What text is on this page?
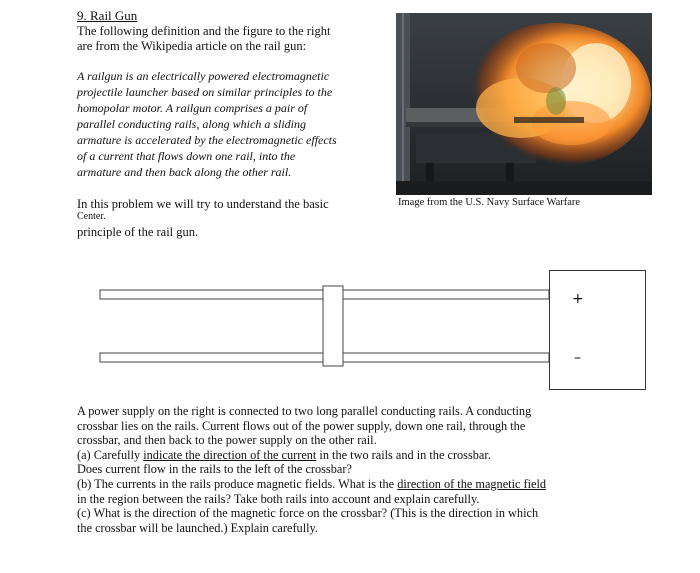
9. Rail Gun
The following definition and the figure to the right
are from the Wikipedia article on the rail gun:
A railgun is an electrically powered electromagnetic
projectile launcher based on similar principles to the
homopolar motor. A railgun comprises a pair of
parallel conducting rails, along which a sliding
armature is accelerated by the electromagnetic effects
of a current that flows down one rail, into the
armature and then back along the other rail.
In this problem we will try to understand the basic
Center.
principle of the rail gun.
Image from the U.S. Navy Surface Warfare
+
–
A power supply on the right is connected to two long parallel conducting rails. A conducting
crossbar lies on the rails. Current flows out of the power supply, down one rail, through the
crossbar, and then back to the power supply on the other rail.
(a) Carefully indicate the direction of the current in the two rails and in the crossbar.
Does current flow in the rails to the left of the crossbar?
(b) The currents in the rails produce magnetic fields. What is the direction of the magnetic field
in the region between the rails? Take both rails into account and explain carefully.
(c) What is the direction of the magnetic force on the crossbar? (This is the direction in which
the crossbar will be launched.) Explain carefully.
